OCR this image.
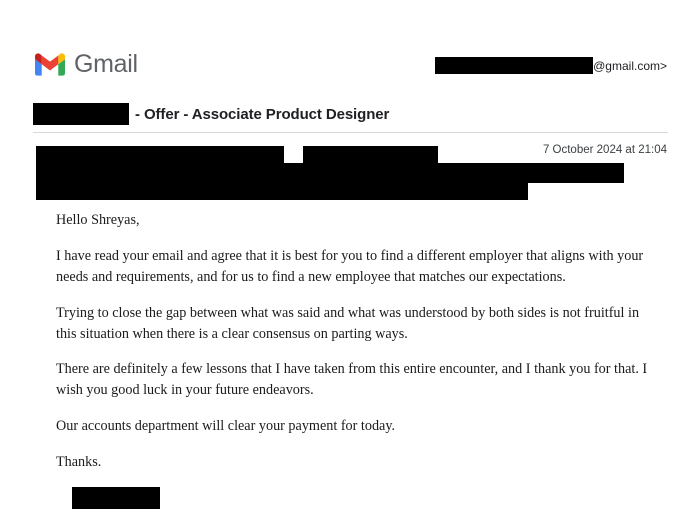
Gmail	@gmail.com>
- Offer - Associate Product Designer
7 October 2024 at 21:04

Hello Shreyas,

I have read your email and agree that it is best for you to find a different employer that aligns with your needs and requirements, and for us to find a new employee that matches our expectations.

Trying to close the gap between what was said and what was understood by both sides is not fruitful in this situation when there is a clear consensus on parting ways.

There are definitely a few lessons that I have taken from this entire encounter, and I thank you for that. I wish you good luck in your future endeavors.

Our accounts department will clear your payment for today.

Thanks.
